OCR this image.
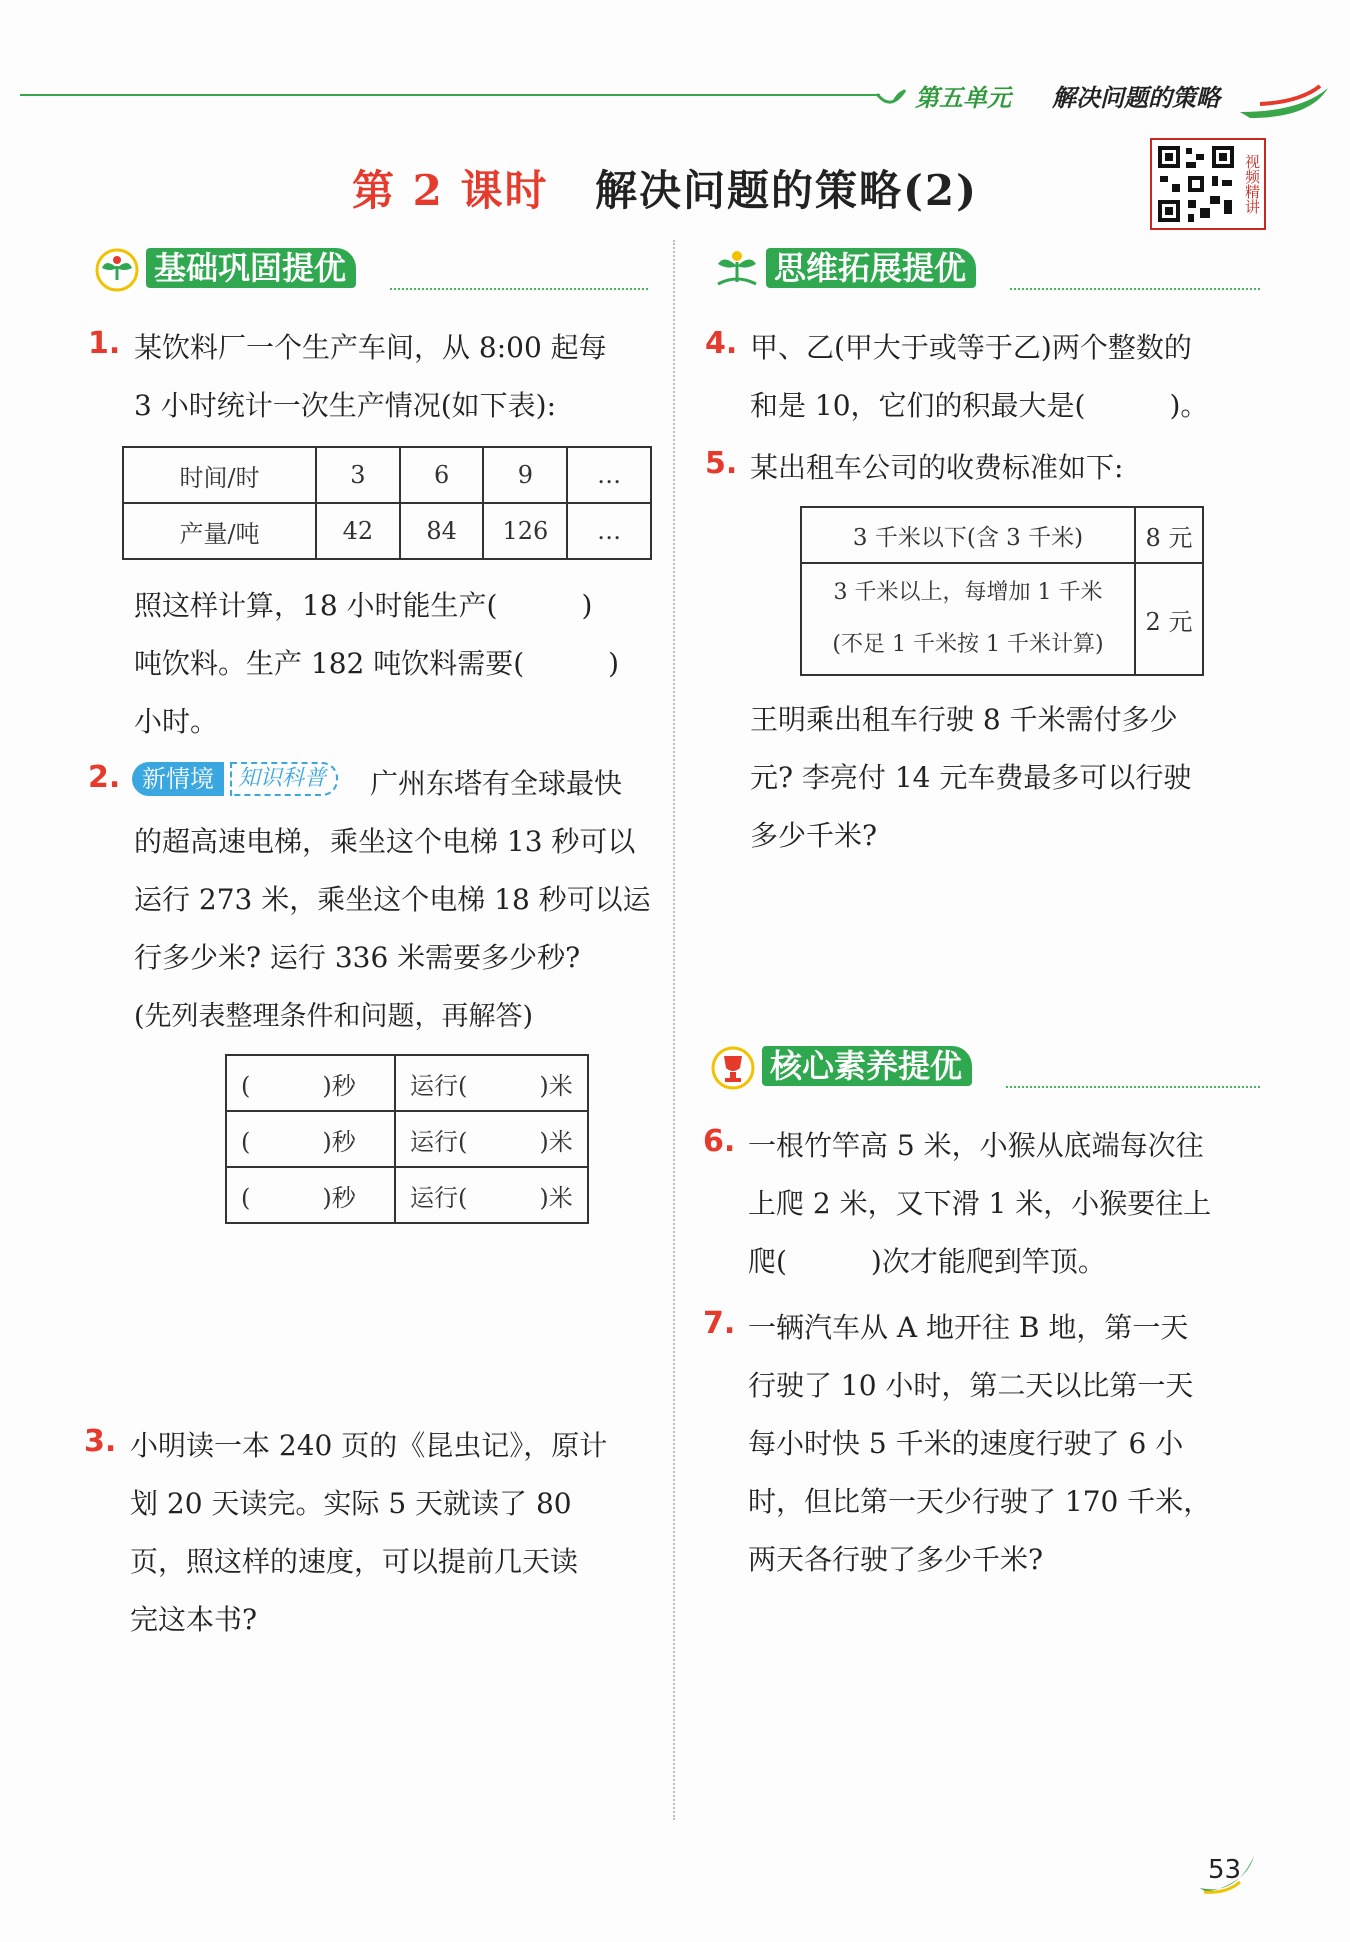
第五单元 解决问题的策略
第 2 课时 解决问题的策略(2)	视频精讲
基础巩固提优	思维拓展提优
1. 某饮料厂一个生产车间，从 8:00 起每
3 小时统计一次生产情况(如下表):
时间/时	3	6	9	…
产量/吨	42	84	126	…
照这样计算，18 小时能生产(　　　)
吨饮料。生产 182 吨饮料需要(　　　)
小时。
2. 新情境	知识科普	广州东塔有全球最快
的超高速电梯，乘坐这个电梯 13 秒可以
运行 273 米，乘坐这个电梯 18 秒可以运
行多少米? 运行 336 米需要多少秒?
(先列表整理条件和问题，再解答)
(　　　)秒	运行(　　　)米
(　　　)秒	运行(　　　)米
(　　　)秒	运行(　　　)米
3. 小明读一本 240 页的《昆虫记》，原计
划 20 天读完。实际 5 天就读了 80
页，照这样的速度，可以提前几天读
完这本书?
4. 甲、乙(甲大于或等于乙)两个整数的
和是 10，它们的积最大是(　　　)。
5. 某出租车公司的收费标准如下:
3 千米以下(含 3 千米)	8 元

3 千米以上，每增加 1 千米
(不足 1 千米按 1 千米计算)	2 元
王明乘出租车行驶 8 千米需付多少
元? 李亮付 14 元车费最多可以行驶
多少千米?
核心素养提优
6. 一根竹竿高 5 米，小猴从底端每次往
上爬 2 米，又下滑 1 米，小猴要往上
爬(　　　)次才能爬到竿顶。
7. 一辆汽车从 A 地开往 B 地，第一天
行驶了 10 小时，第二天以比第一天
每小时快 5 千米的速度行驶了 6 小
时，但比第一天少行驶了 170 千米，
两天各行驶了多少千米?
53
